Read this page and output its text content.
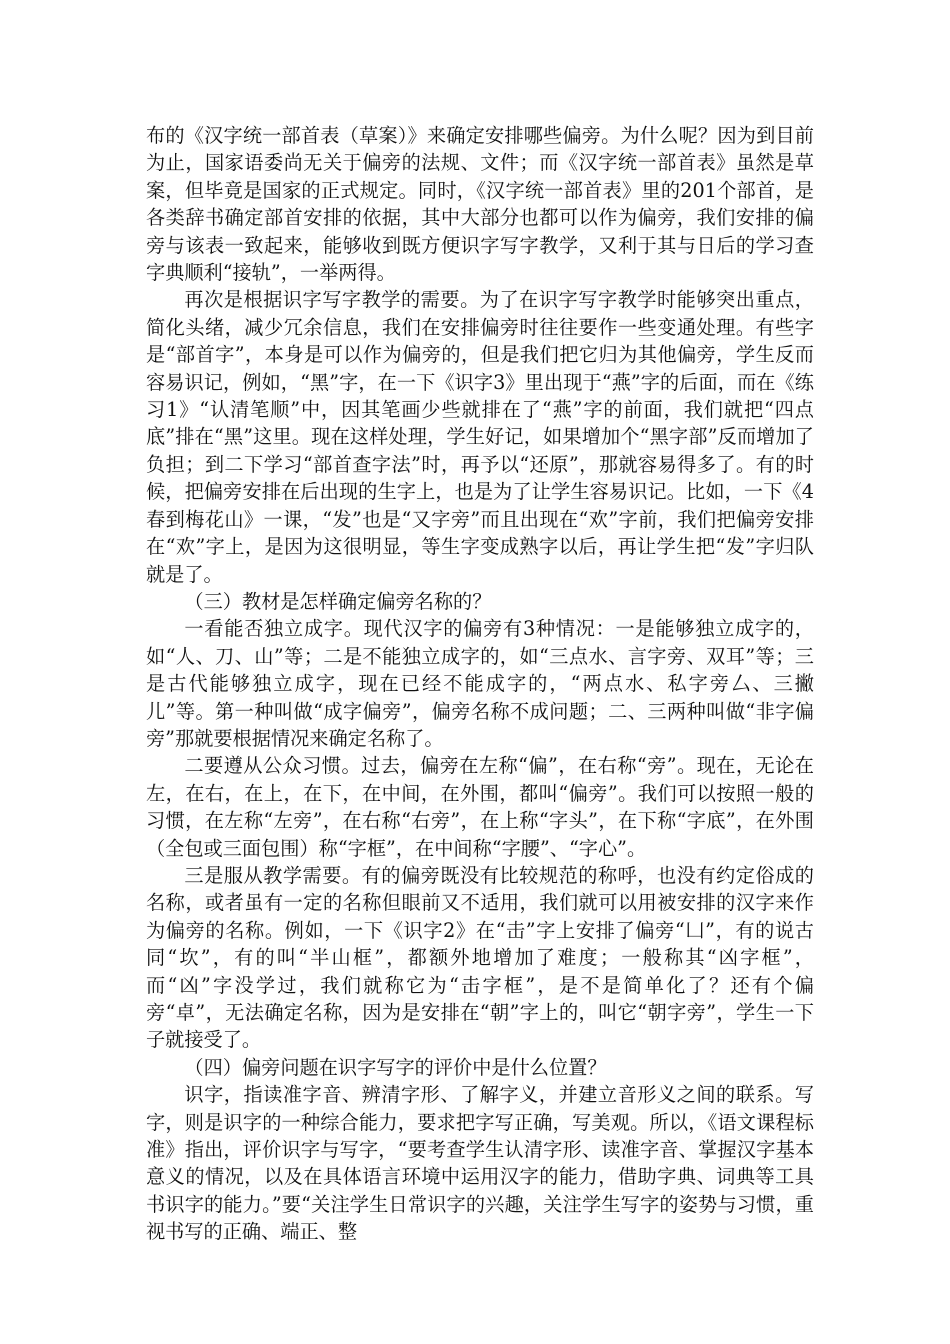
布的《汉字统一部首表（草案）》来确定安排哪些偏旁。为什么呢？因为到目前为止，国家语委尚无关于偏旁的法规、文件；而《汉字统一部首表》虽然是草案，但毕竟是国家的正式规定。同时，《汉字统一部首表》里的201个部首，是各类辞书确定部首安排的依据，其中大部分也都可以作为偏旁，我们安排的偏旁与该表一致起来，能够收到既方便识字写字教学，又利于其与日后的学习查字典顺利“接轨”，一举两得。

再次是根据识字写字教学的需要。为了在识字写字教学时能够突出重点，简化头绪，减少冗余信息，我们在安排偏旁时往往要作一些变通处理。有些字是“部首字”，本身是可以作为偏旁的，但是我们把它归为其他偏旁，学生反而容易识记，例如，“黑”字，在一下《识字3》里出现于“燕”字的后面，而在《练习1》“认清笔顺”中，因其笔画少些就排在了“燕”字的前面，我们就把“四点底”排在“黑”这里。现在这样处理，学生好记，如果增加个“黑字部”反而增加了负担；到二下学习“部首查字法”时，再予以“还原”，那就容易得多了。有的时候，把偏旁安排在后出现的生字上，也是为了让学生容易识记。比如，一下《4 春到梅花山》一课，“发”也是“又字旁”而且出现在“欢”字前，我们把偏旁安排在“欢”字上，是因为这很明显，等生字变成熟字以后，再让学生把“发”字归队就是了。

（三）教材是怎样确定偏旁名称的？

一看能否独立成字。现代汉字的偏旁有3种情况：一是能够独立成字的，如“人、刀、山”等；二是不能独立成字的，如“三点水、言字旁、双耳”等；三是古代能够独立成字，现在已经不能成字的，“两点水、私字旁厶、三撇儿”等。第一种叫做“成字偏旁”，偏旁名称不成问题；二、三两种叫做“非字偏旁”那就要根据情况来确定名称了。

二要遵从公众习惯。过去，偏旁在左称“偏”，在右称“旁”。现在，无论在左，在右，在上，在下，在中间，在外围，都叫“偏旁”。我们可以按照一般的习惯，在左称“左旁”，在右称“右旁”，在上称“字头”，在下称“字底”，在外围（全包或三面包围）称“字框”，在中间称“字腰”、“字心”。

三是服从教学需要。有的偏旁既没有比较规范的称呼，也没有约定俗成的名称，或者虽有一定的名称但眼前又不适用，我们就可以用被安排的汉字来作为偏旁的名称。例如，一下《识字2》在“击”字上安排了偏旁“凵”，有的说古同“坎”，有的叫“半山框”，都额外地增加了难度；一般称其“凶字框”，而“凶”字没学过，我们就称它为“击字框”，是不是简单化了？还有个偏旁“卓”，无法确定名称，因为是安排在“朝”字上的，叫它“朝字旁”，学生一下子就接受了。

（四）偏旁问题在识字写字的评价中是什么位置？

识字，指读准字音、辨清字形、了解字义，并建立音形义之间的联系。写字，则是识字的一种综合能力，要求把字写正确，写美观。所以，《语文课程标准》指出，评价识字与写字，“要考查学生认清字形、读准字音、掌握汉字基本意义的情况，以及在具体语言环境中运用汉字的能力，借助字典、词典等工具书识字的能力。”要“关注学生日常识字的兴趣，关注学生写字的姿势与习惯，重视书写的正确、端正、整
